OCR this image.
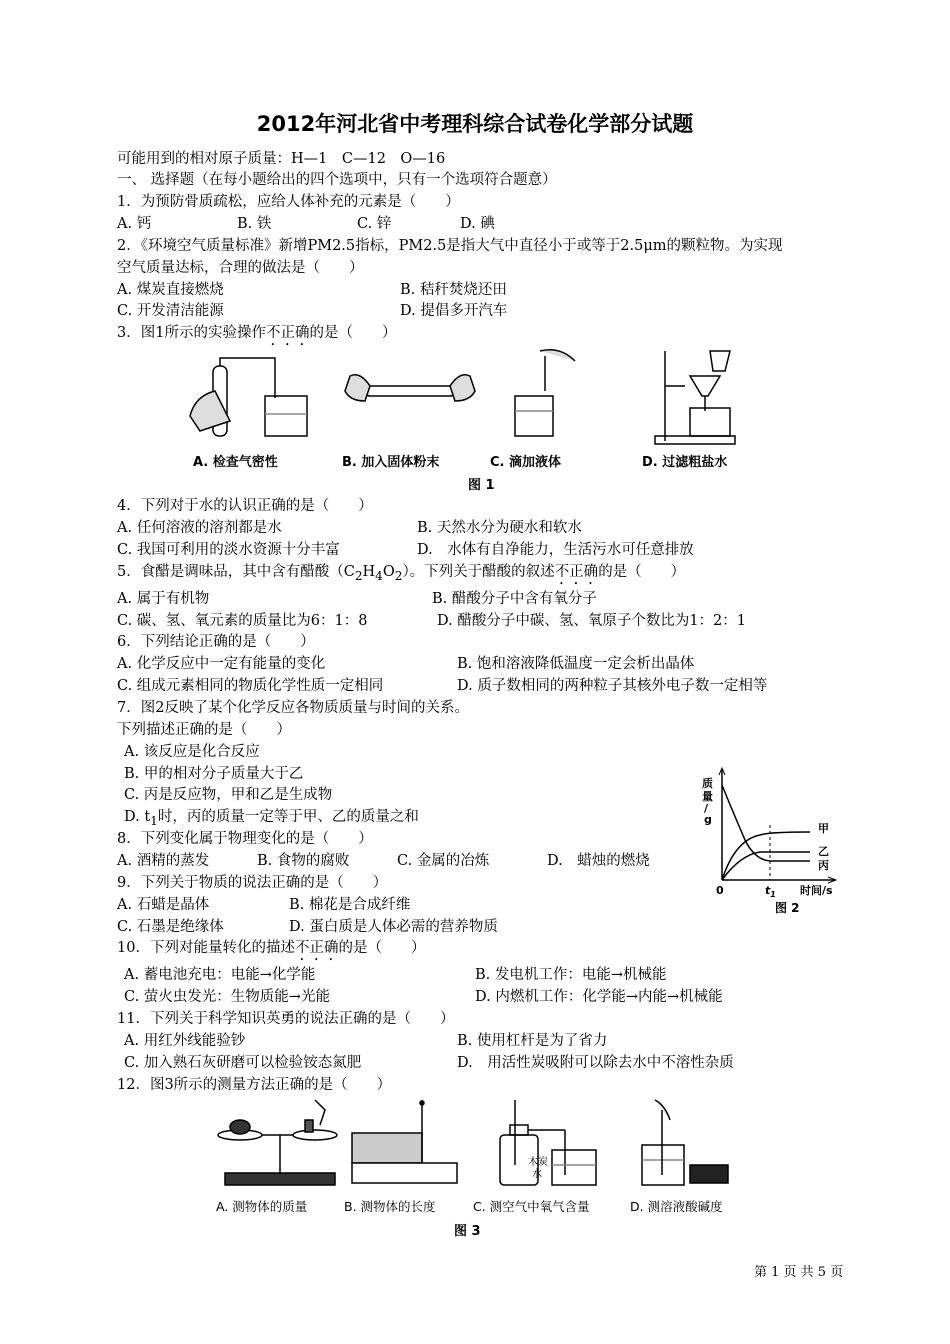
2012年河北省中考理科综合试卷化学部分试题
可能用到的相对原子质量：H—1　C—12　O—16
一、 选择题（在每小题给出的四个选项中，只有一个选项符合题意）
1．为预防骨质疏松，应给人体补充的元素是（　　）
A. 钙	B. 铁	C. 锌	D. 碘
2．《环境空气质量标准》新增PM2.5指标，PM2.5是指大气中直径小于或等于2.5μm的颗粒物。为实现
空气质量达标，合理的做法是（　　）
A. 煤炭直接燃烧	B. 秸秆焚烧还田
C. 开发清洁能源	D. 提倡多开汽车
3．图1所示的实验操作不正确的是（　　）
A. 检查气密性	B. 加入固体粉末	C. 滴加液体	D. 过滤粗盐水
图 1
4．下列对于水的认识正确的是（　　）
A. 任何溶液的溶剂都是水	B. 天然水分为硬水和软水
C. 我国可利用的淡水资源十分丰富	D.　水体有自净能力，生活污水可任意排放
5．食醋是调味品，其中含有醋酸$(C_2H_4O_2)$。下列关于醋酸的叙述不正确的是（　　）
A. 属于有机物	B. 醋酸分子中含有氧分子
C. 碳、氢、氧元素的质量比为6：1：8	D. 醋酸分子中碳、氢、氧原子个数比为1：2：1
6．下列结论正确的是（　　）
A. 化学反应中一定有能量的变化	B. 饱和溶液降低温度一定会析出晶体
C. 组成元素相同的物质化学性质一定相同	D. 质子数相同的两种粒子其核外电子数一定相等
7．图2反映了某个化学反应各物质质量与时间的关系。
下列描述正确的是（　　）
A. 该反应是化合反应
B. 甲的相对分子质量大于乙
C. 丙是反应物，甲和乙是生成物
D. $t_1$时，丙的质量一定等于甲、乙的质量之和
质
量
/
g
甲
乙
丙
0	$t_1$ 时间/s
图 2
8．下列变化属于物理变化的是（　　）
A. 酒精的蒸发	B. 食物的腐败	C. 金属的冶炼	D.　蜡烛的燃烧
9．下列关于物质的说法正确的是（　　）
A. 石蜡是晶体	B. 棉花是合成纤维
C. 石墨是绝缘体	D. 蛋白质是人体必需的营养物质
10．下列对能量转化的描述不正确的是（　　）
A. 蓄电池充电：电能→化学能	B. 发电机工作：电能→机械能
C. 萤火虫发光：生物质能→光能	D. 内燃机工作：化学能→内能→机械能
11．下列关于科学知识英勇的说法正确的是（　　）
A. 用红外线能验钞	B. 使用杠杆是为了省力
C. 加入熟石灰研磨可以检验铵态氮肥	D.　用活性炭吸附可以除去水中不溶性杂质
12．图3所示的测量方法正确的是（　　）
木炭
水
A. 测物体的质量	B. 测物体的长度	C. 测空气中氧气含量	D. 测溶液酸碱度
图 3
第 1 页 共 5 页
